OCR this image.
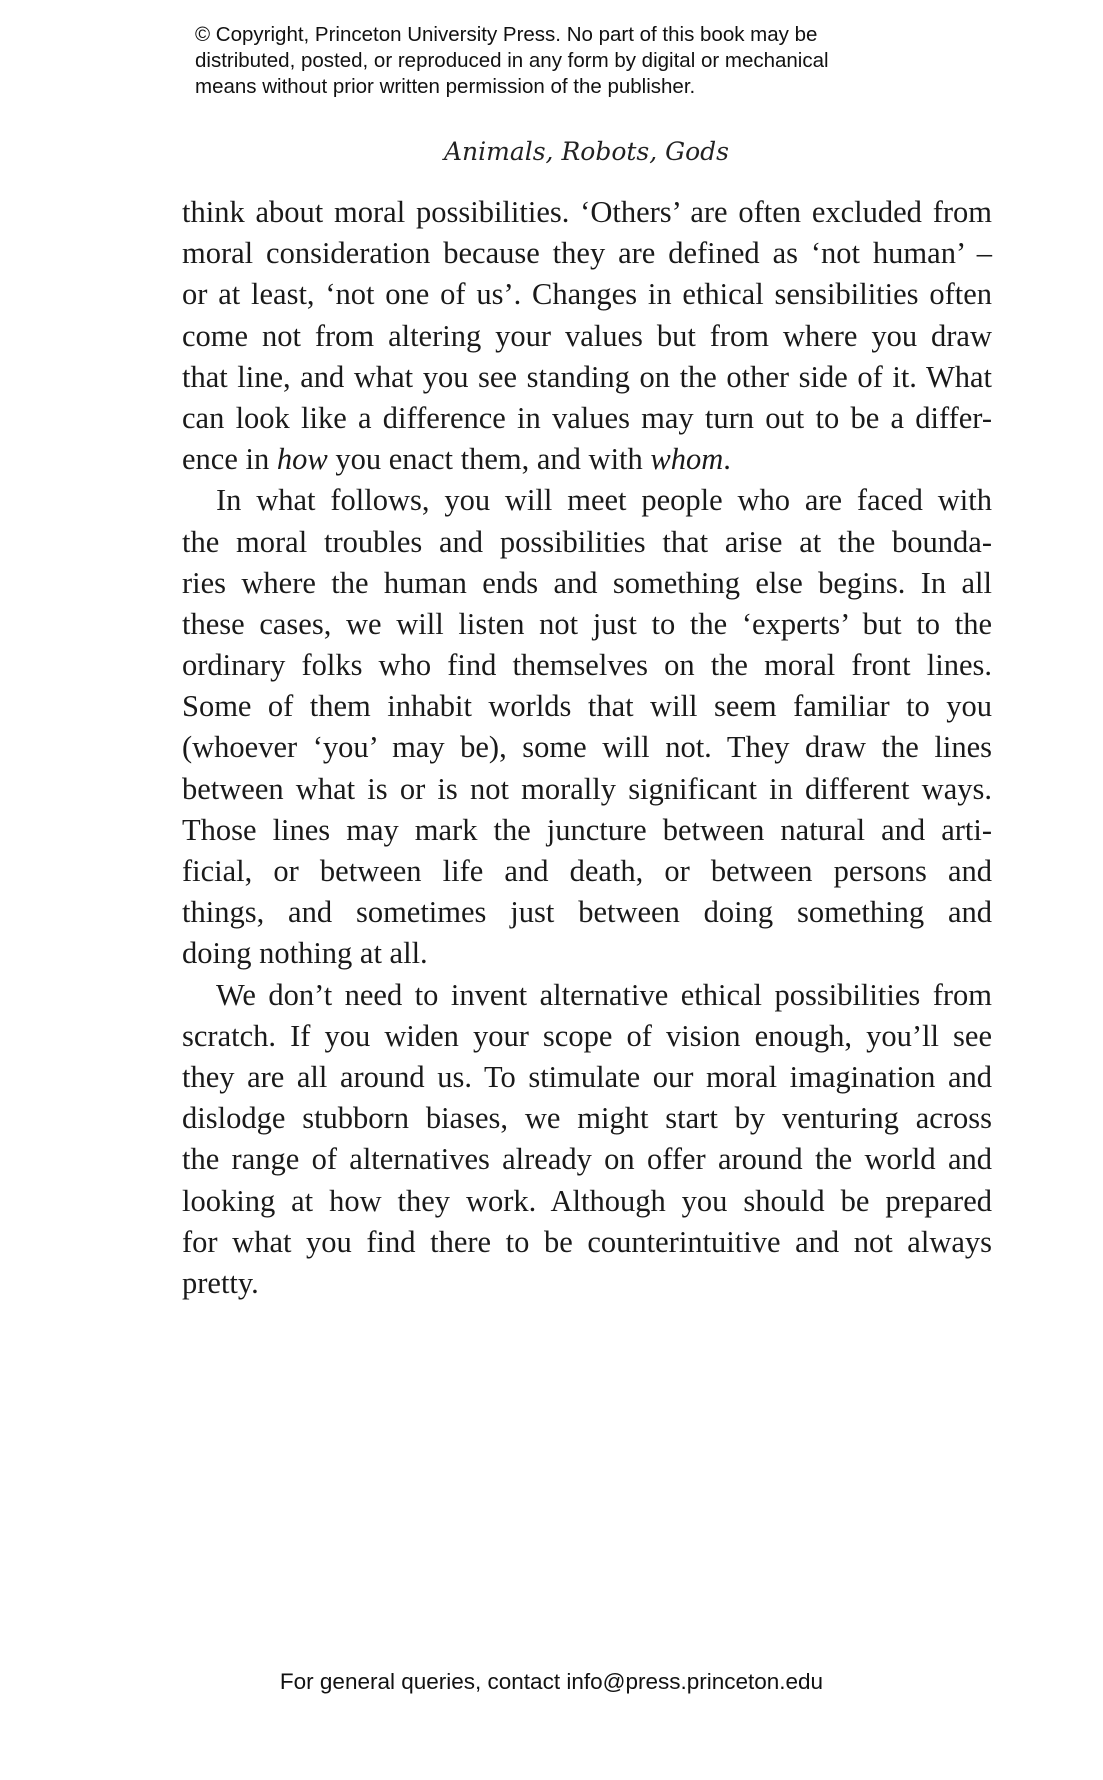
© Copyright, Princeton University Press. No part of this book may be
distributed, posted, or reproduced in any form by digital or mechanical
means without prior written permission of the publisher.
Animals, Robots, Gods
think about moral possibilities. ‘Others’ are often excluded from
moral consideration because they are defined as ‘not human’ –
or at least, ‘not one of us’. Changes in ethical sensibilities often
come not from altering your values but from where you draw
that line, and what you see standing on the other side of it. What
can look like a difference in values may turn out to be a differ-
ence in how you enact them, and with whom.
In what follows, you will meet people who are faced with
the moral troubles and possibilities that arise at the bounda-
ries where the human ends and something else begins. In all
these cases, we will listen not just to the ‘experts’ but to the
ordinary folks who find themselves on the moral front lines.
Some of them inhabit worlds that will seem familiar to you
(whoever ‘you’ may be), some will not. They draw the lines
between what is or is not morally significant in different ways.
Those lines may mark the juncture between natural and arti-
ficial, or between life and death, or between persons and
things, and sometimes just between doing something and
doing nothing at all.
We don’t need to invent alternative ethical possibilities from
scratch. If you widen your scope of vision enough, you’ll see
they are all around us. To stimulate our moral imagination and
dislodge stubborn biases, we might start by venturing across
the range of alternatives already on offer around the world and
looking at how they work. Although you should be prepared
for what you find there to be counterintuitive and not always
pretty.
For general queries, contact info@press.princeton.edu
